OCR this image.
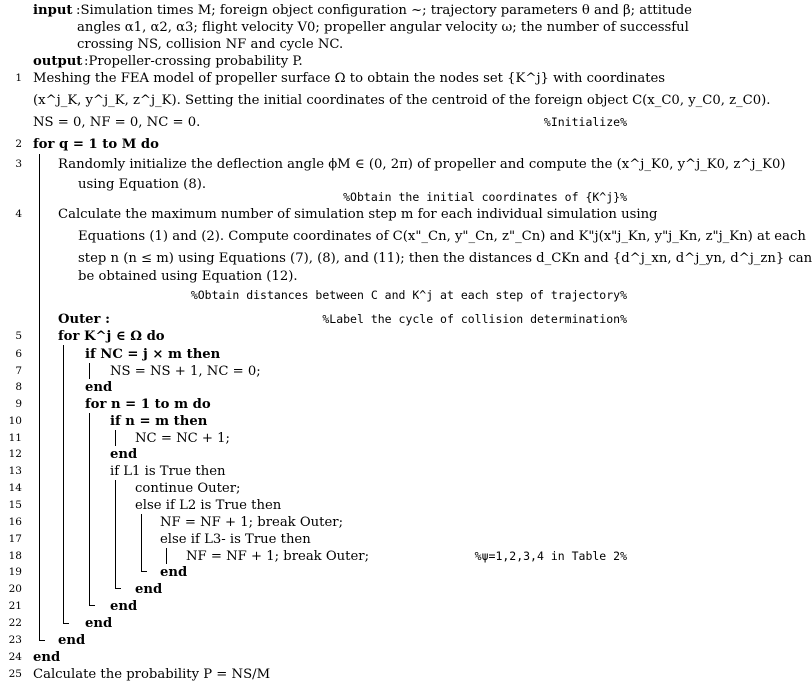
input :Simulation times M; foreign object configuration ~; trajectory parameters θ and β; attitude
angles α1, α2, α3; flight velocity V0; propeller angular velocity ω; the number of successful
crossing NS, collision NF and cycle NC.
output :Propeller-crossing probability P.
1 Meshing the FEA model of propeller surface Ω to obtain the nodes set {K^j} with coordinates
(x^j_K, y^j_K, z^j_K). Setting the initial coordinates of the centroid of the foreign object C(x_C0, y_C0, z_C0).
NS = 0, NF = 0, NC = 0.	%Initialize%
2 for q = 1 to M do
3	Randomly initialize the deflection angle ϕM ∈ (0, 2π) of propeller and compute the (x^j_K0, y^j_K0, z^j_K0)
using Equation (8).
%Obtain the initial coordinates of {K^j}%
4	Calculate the maximum number of simulation step m for each individual simulation using
Equations (1) and (2). Compute coordinates of C(x"_Cn, y"_Cn, z"_Cn) and K"j(x"j_Kn, y"j_Kn, z"j_Kn) at each
step n (n ≤ m) using Equations (7), (8), and (11); then the distances d_CKn and {d^j_xn, d^j_yn, d^j_zn} can
be obtained using Equation (12).
%Obtain distances between C and K^j at each step of trajectory%
Outer :	%Label the cycle of collision determination%
5	for K^j ∈ Ω do
6	if NC = j × m then
7	NS = NS + 1, NC = 0;
8	end
9	for n = 1 to m do
10	if n = m then
11	NC = NC + 1;
12	end
13	if L1 is True then
14	continue Outer;
15	else if L2 is True then
16	NF = NF + 1; break Outer;
17	else if L3- is True then
18	NF = NF + 1; break Outer;	%ψ=1,2,3,4 in Table 2%
19	end
20	end
21	end
22	end
23	end
24 end
25 Calculate the probability P = NS/M
